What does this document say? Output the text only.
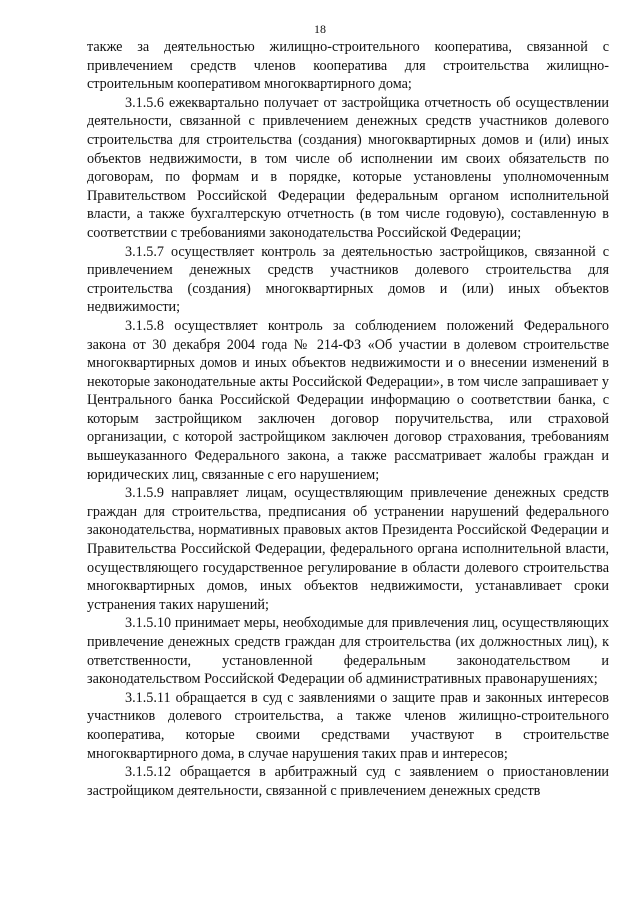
18

также за деятельностью жилищно-строительного кооператива, связанной с привлечением средств членов кооператива для строительства жилищно-строительным кооперативом многоквартирного дома;

3.1.5.6 ежеквартально получает от застройщика отчетность об осуществлении деятельности, связанной с привлечением денежных средств участников долевого строительства для строительства (создания) многоквартирных домов и (или) иных объектов недвижимости, в том числе об исполнении им своих обязательств по договорам, по формам и в порядке, которые установлены уполномоченным Правительством Российской Федерации федеральным органом исполнительной власти, а также бухгалтерскую отчетность (в том числе годовую), составленную в соответствии с требованиями законодательства Российской Федерации;

3.1.5.7 осуществляет контроль за деятельностью застройщиков, связанной с привлечением денежных средств участников долевого строительства для строительства (создания) многоквартирных домов и (или) иных объектов недвижимости;

3.1.5.8 осуществляет контроль за соблюдением положений Федерального закона от 30 декабря 2004 года № 214-ФЗ «Об участии в долевом строительстве многоквартирных домов и иных объектов недвижимости и о внесении изменений в некоторые законодательные акты Российской Федерации», в том числе запрашивает у Центрального банка Российской Федерации информацию о соответствии банка, с которым застройщиком заключен договор поручительства, или страховой организации, с которой застройщиком заключен договор страхования, требованиям вышеуказанного Федерального закона, а также рассматривает жалобы граждан и юридических лиц, связанные с его нарушением;

3.1.5.9 направляет лицам, осуществляющим привлечение денежных средств граждан для строительства, предписания об устранении нарушений федерального законодательства, нормативных правовых актов Президента Российской Федерации и Правительства Российской Федерации, федерального органа исполнительной власти, осуществляющего государственное регулирование в области долевого строительства многоквартирных домов, иных объектов недвижимости, устанавливает сроки устранения таких нарушений;

3.1.5.10 принимает меры, необходимые для привлечения лиц, осуществляющих привлечение денежных средств граждан для строительства (их должностных лиц), к ответственности, установленной федеральным законодательством и законодательством Российской Федерации об административных правонарушениях;

3.1.5.11 обращается в суд с заявлениями о защите прав и законных интересов участников долевого строительства, а также членов жилищно-строительного кооператива, которые своими средствами участвуют в строительстве многоквартирного дома, в случае нарушения таких прав и интересов;

3.1.5.12 обращается в арбитражный суд с заявлением о приостановлении застройщиком деятельности, связанной с привлечением денежных средств
